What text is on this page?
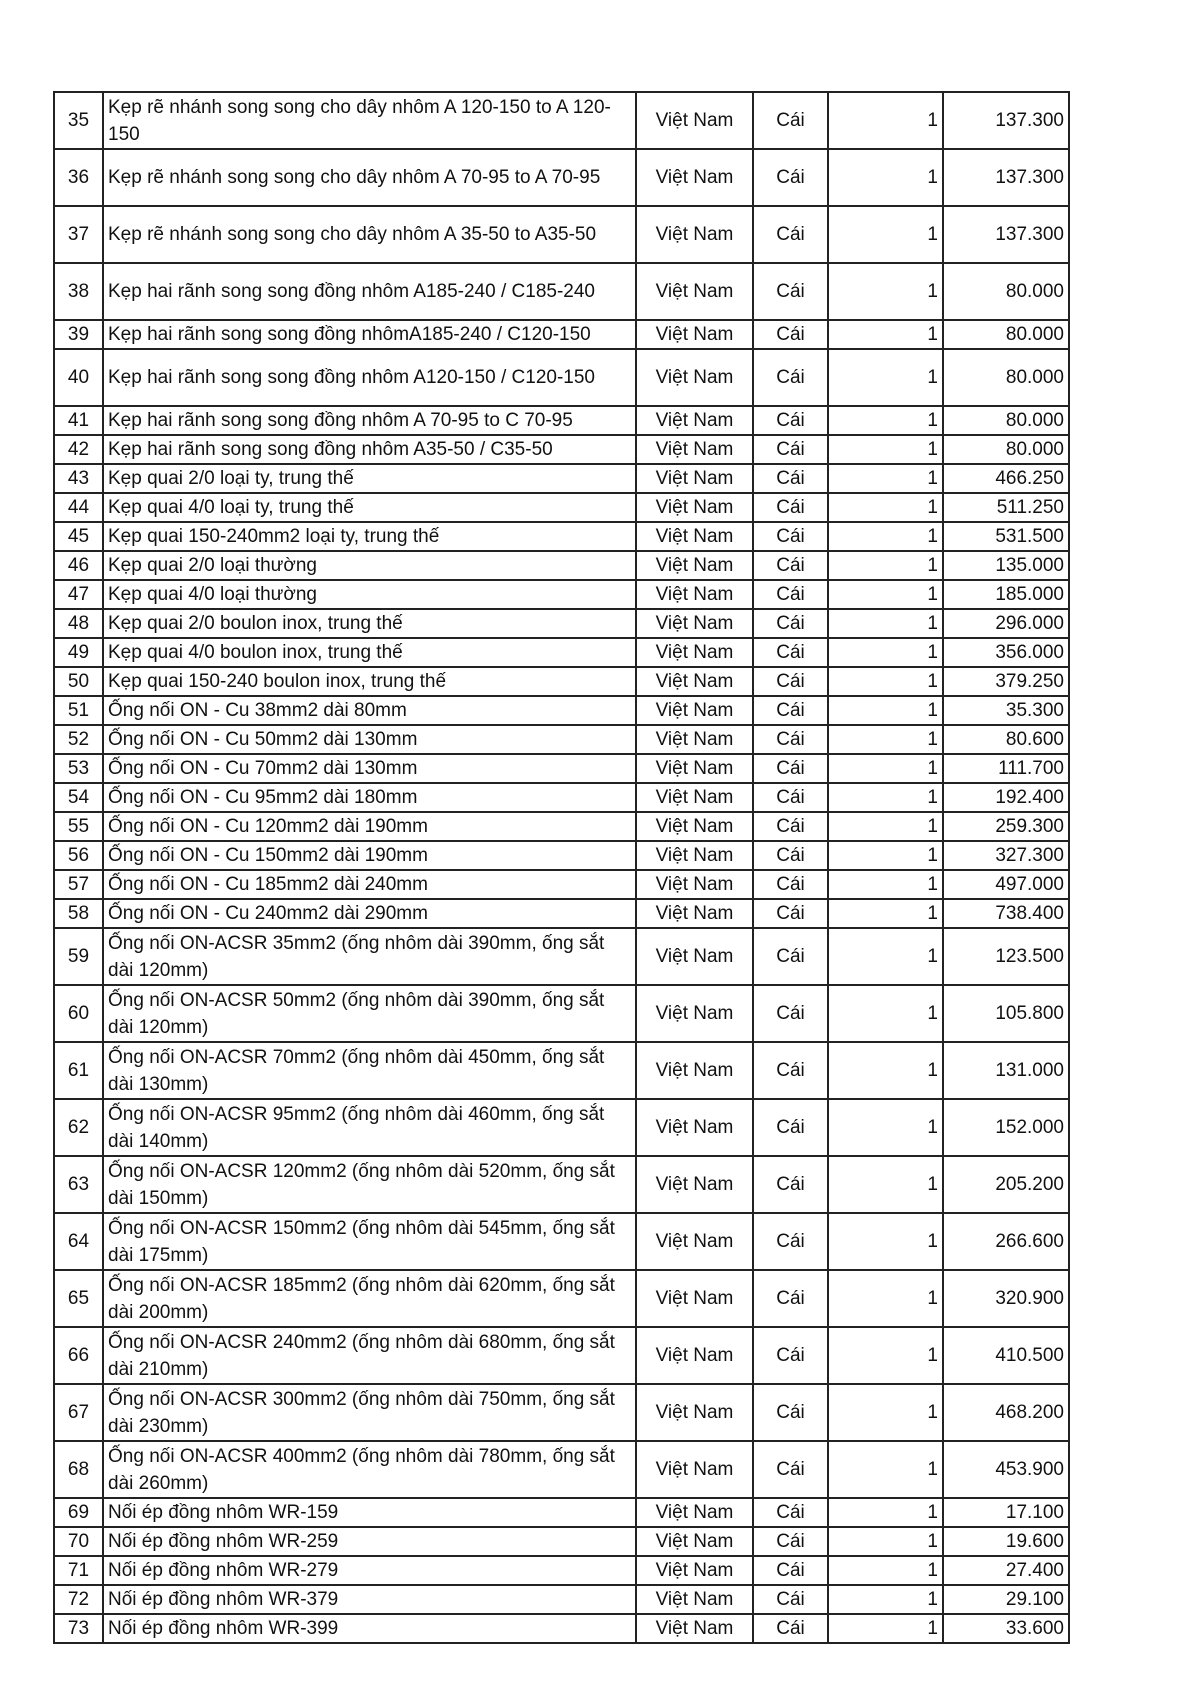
35	Kẹp rẽ nhánh song song cho dây nhôm A 120-150 to A 120-150	Việt Nam	Cái	1	137.300
36	Kẹp rẽ nhánh song song cho dây nhôm A 70-95 to A 70-95	Việt Nam	Cái	1	137.300
37	Kẹp rẽ nhánh song song cho dây nhôm A 35-50 to A35-50	Việt Nam	Cái	1	137.300
38	Kẹp hai rãnh song song đồng nhôm A185-240 / C185-240	Việt Nam	Cái	1	80.000
39	Kẹp hai rãnh song song đồng nhômA185-240 / C120-150	Việt Nam	Cái	1	80.000
40	Kẹp hai rãnh song song đồng nhôm A120-150 / C120-150	Việt Nam	Cái	1	80.000
41	Kẹp hai rãnh song song đồng nhôm A 70-95 to C 70-95	Việt Nam	Cái	1	80.000
42	Kẹp hai rãnh song song đồng nhôm A35-50 / C35-50	Việt Nam	Cái	1	80.000
43	Kẹp quai 2/0 loại ty, trung thế	Việt Nam	Cái	1	466.250
44	Kẹp quai 4/0 loại ty, trung thế	Việt Nam	Cái	1	511.250
45	Kẹp quai 150-240mm2 loại ty, trung thế	Việt Nam	Cái	1	531.500
46	Kẹp quai 2/0 loại thường	Việt Nam	Cái	1	135.000
47	Kẹp quai 4/0 loại thường	Việt Nam	Cái	1	185.000
48	Kẹp quai 2/0 boulon inox, trung thế	Việt Nam	Cái	1	296.000
49	Kẹp quai 4/0 boulon inox, trung thế	Việt Nam	Cái	1	356.000
50	Kẹp quai 150-240 boulon inox, trung thế	Việt Nam	Cái	1	379.250
51	Ống nối ON - Cu 38mm2 dài 80mm	Việt Nam	Cái	1	35.300
52	Ống nối ON - Cu 50mm2 dài 130mm	Việt Nam	Cái	1	80.600
53	Ống nối ON - Cu 70mm2 dài 130mm	Việt Nam	Cái	1	111.700
54	Ống nối ON - Cu 95mm2 dài 180mm	Việt Nam	Cái	1	192.400
55	Ống nối ON - Cu 120mm2 dài 190mm	Việt Nam	Cái	1	259.300
56	Ống nối ON - Cu 150mm2 dài 190mm	Việt Nam	Cái	1	327.300
57	Ống nối ON - Cu 185mm2 dài 240mm	Việt Nam	Cái	1	497.000
58	Ống nối ON - Cu 240mm2 dài 290mm	Việt Nam	Cái	1	738.400
59	Ống nối ON-ACSR 35mm2 (ống nhôm dài 390mm, ống sắt dài 120mm)	Việt Nam	Cái	1	123.500
60	Ống nối ON-ACSR 50mm2 (ống nhôm dài 390mm, ống sắt dài 120mm)	Việt Nam	Cái	1	105.800
61	Ống nối ON-ACSR 70mm2 (ống nhôm dài 450mm, ống sắt dài 130mm)	Việt Nam	Cái	1	131.000
62	Ống nối ON-ACSR 95mm2 (ống nhôm dài 460mm, ống sắt dài 140mm)	Việt Nam	Cái	1	152.000
63	Ống nối ON-ACSR 120mm2 (ống nhôm dài 520mm, ống sắt dài 150mm)	Việt Nam	Cái	1	205.200
64	Ống nối ON-ACSR 150mm2 (ống nhôm dài 545mm, ống sắt dài 175mm)	Việt Nam	Cái	1	266.600
65	Ống nối ON-ACSR 185mm2 (ống nhôm dài 620mm, ống sắt dài 200mm)	Việt Nam	Cái	1	320.900
66	Ống nối ON-ACSR 240mm2 (ống nhôm dài 680mm, ống sắt dài 210mm)	Việt Nam	Cái	1	410.500
67	Ống nối ON-ACSR 300mm2 (ống nhôm dài 750mm, ống sắt dài 230mm)	Việt Nam	Cái	1	468.200
68	Ống nối ON-ACSR 400mm2 (ống nhôm dài 780mm, ống sắt dài 260mm)	Việt Nam	Cái	1	453.900
69	Nối ép đồng nhôm WR-159	Việt Nam	Cái	1	17.100
70	Nối ép đồng nhôm WR-259	Việt Nam	Cái	1	19.600
71	Nối ép đồng nhôm WR-279	Việt Nam	Cái	1	27.400
72	Nối ép đồng nhôm WR-379	Việt Nam	Cái	1	29.100
73	Nối ép đồng nhôm WR-399	Việt Nam	Cái	1	33.600
